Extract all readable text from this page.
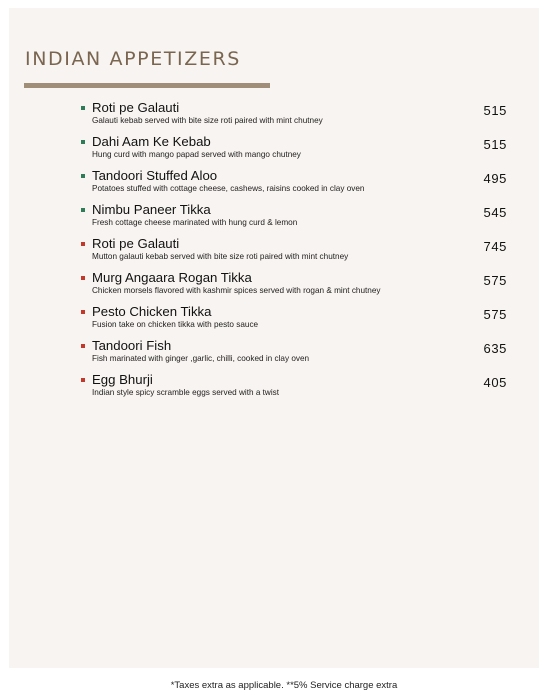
INDIAN APPETIZERS
Roti pe Galauti
Galauti kebab served with bite size roti paired with mint chutney
515
Dahi Aam Ke Kebab
Hung curd with mango papad served with mango chutney
515
Tandoori Stuffed Aloo
Potatoes stuffed with cottage cheese, cashews, raisins cooked in clay oven
495
Nimbu Paneer Tikka
Fresh cottage cheese marinated with hung curd & lemon
545
Roti pe Galauti
Mutton galauti kebab served with bite size roti paired with mint chutney
745
Murg Angaara Rogan Tikka
Chicken morsels flavored with kashmir spices served with rogan & mint chutney
575
Pesto Chicken Tikka
Fusion take on chicken tikka with pesto sauce
575
Tandoori Fish
Fish marinated with ginger ,garlic, chilli, cooked in clay oven
635
Egg Bhurji
Indian style spicy scramble eggs served with a twist
405
*Taxes extra as applicable. **5% Service charge extra
